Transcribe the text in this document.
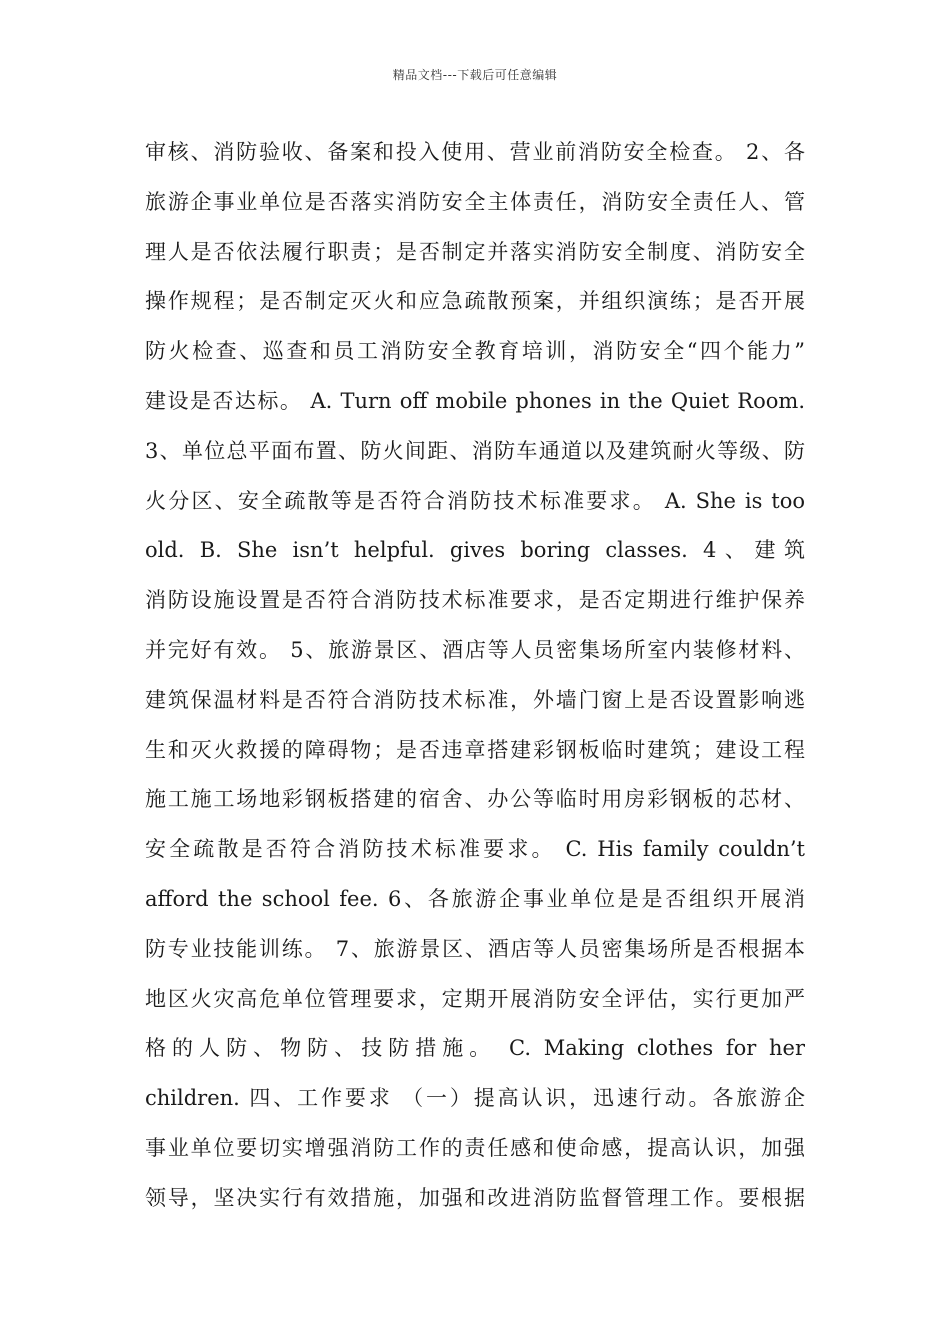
精品文档---下载后可任意编辑
审核、消防验收、备案和投入使用、营业前消防安全检查。 2、各
旅游企事业单位是否落实消防安全主体责任，消防安全责任人、管
理人是否依法履行职责；是否制定并落实消防安全制度、消防安全
操作规程；是否制定灭火和应急疏散预案，并组织演练；是否开展
防火检查、巡查和员工消防安全教育培训，消防安全“四个能力”
建设是否达标。 A. Turn off mobile phones in the Quiet Room.
3、单位总平面布置、防火间距、消防车通道以及建筑耐火等级、防
火分区、安全疏散等是否符合消防技术标准要求。 A. She is too
old. B. She isn’t helpful. gives boring classes. 4、建筑
消防设施设置是否符合消防技术标准要求，是否定期进行维护保养
并完好有效。 5、旅游景区、酒店等人员密集场所室内装修材料、
建筑保温材料是否符合消防技术标准，外墙门窗上是否设置影响逃
生和灭火救援的障碍物；是否违章搭建彩钢板临时建筑；建设工程
施工施工场地彩钢板搭建的宿舍、办公等临时用房彩钢板的芯材、
安全疏散是否符合消防技术标准要求。 C. His family couldn’t
afford the school fee. 6、各旅游企事业单位是是否组织开展消
防专业技能训练。 7、旅游景区、酒店等人员密集场所是否根据本
地区火灾高危单位管理要求，定期开展消防安全评估，实行更加严
格的人防、物防、技防措施。 C. Making clothes for her
children. 四、工作要求 （一）提高认识，迅速行动。各旅游企
事业单位要切实增强消防工作的责任感和使命感，提高认识，加强
领导，坚决实行有效措施，加强和改进消防监督管理工作。要根据
